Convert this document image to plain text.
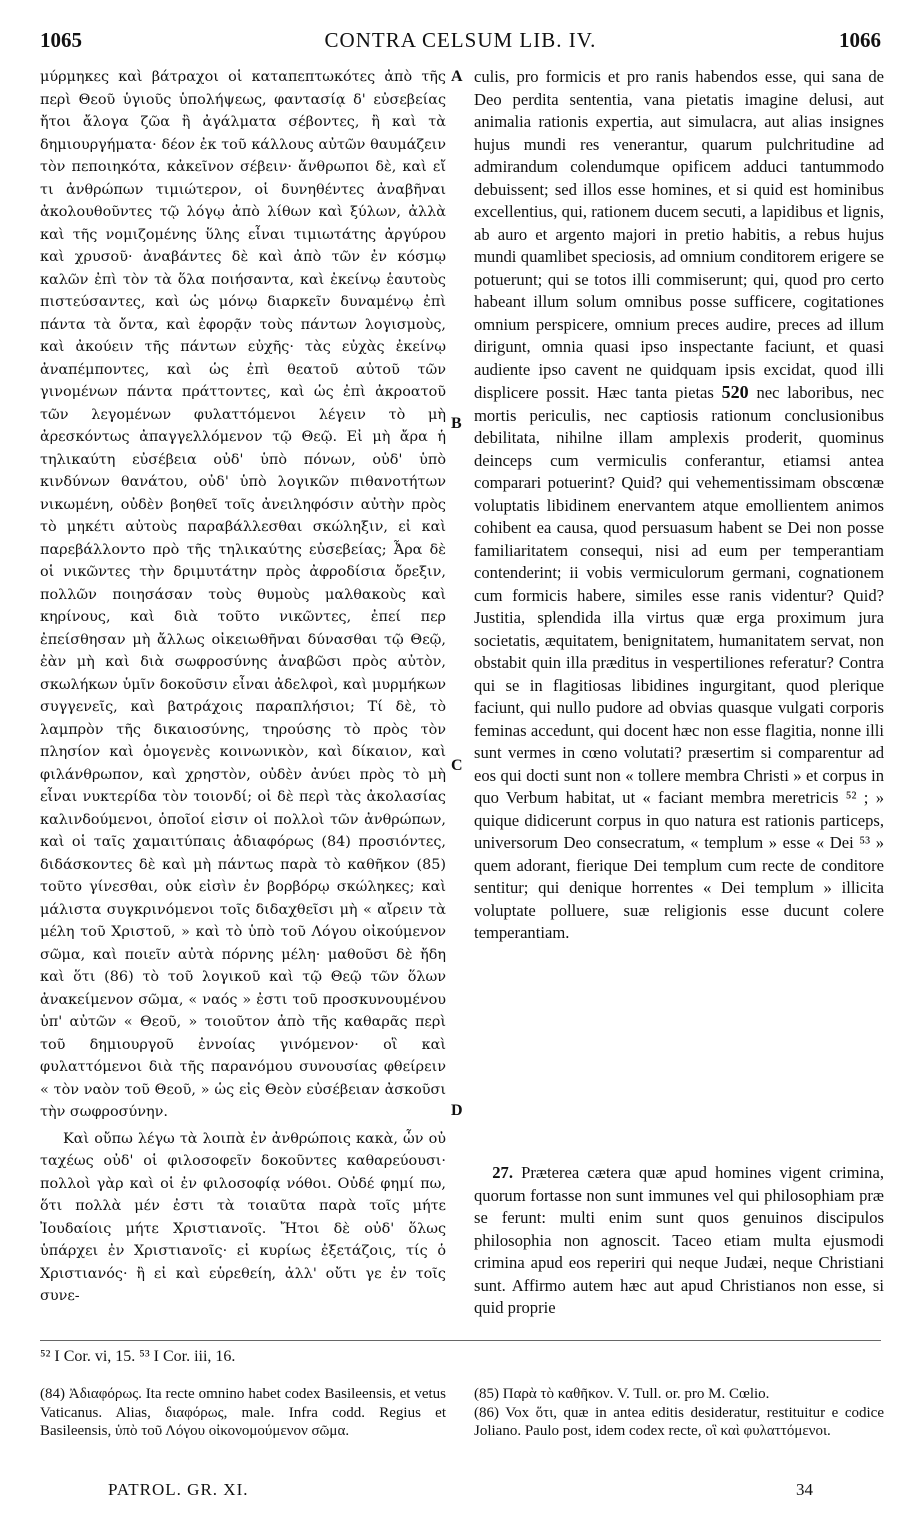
1065	CONTRA CELSUM LIB. IV.	1066

μύρμηκες καὶ βάτραχοι οἱ καταπεπτωκότες ἀπὸ τῆς περὶ Θεοῦ ὑγιοῦς ὑπολήψεως, φαντασίᾳ δ' εὐσεβείας ἤτοι ἄλογα ζῶα ἢ ἀγάλματα σέβοντες, ἢ καὶ τὰ δημιουργήματα· δέον ἐκ τοῦ κάλλους αὐτῶν θαυμάζειν τὸν πεποιηκότα, κἀκεῖνον σέβειν· ἄνθρωποι δὲ, καὶ εἴ τι ἀνθρώπων τιμιώτερον, οἱ δυνηθέντες ἀναβῆναι ἀκολουθοῦντες τῷ λόγῳ ἀπὸ λίθων καὶ ξύλων, ἀλλὰ καὶ τῆς νομιζομένης ὕλης εἶναι τιμιωτάτης ἀργύρου καὶ χρυσοῦ· ἀναβάντες δὲ καὶ ἀπὸ τῶν ἐν κόσμῳ καλῶν ἐπὶ τὸν τὰ ὅλα ποιήσαντα, καὶ ἐκείνῳ ἑαυτοὺς πιστεύσαντες, καὶ ὡς μόνῳ διαρκεῖν δυναμένῳ ἐπὶ πάντα τὰ ὄντα, καὶ ἐφορᾷν τοὺς πάντων λογισμοὺς, καὶ ἀκούειν τῆς πάντων εὐχῆς· τὰς εὐχὰς ἐκείνῳ ἀναπέμποντες, καὶ ὡς ἐπὶ θεατοῦ αὐτοῦ τῶν γινομένων πάντα πράττοντες, καὶ ὡς ἐπὶ ἀκροατοῦ τῶν λεγομένων φυλαττόμενοι λέγειν τὸ μὴ ἀρεσκόντως ἀπαγγελλόμενον τῷ Θεῷ. Εἰ μὴ ἄρα ἡ τηλικαύτη εὐσέβεια οὐδ' ὑπὸ πόνων, οὐδ' ὑπὸ κινδύνων θανάτου, οὐδ' ὑπὸ λογικῶν πιθανοτήτων νικωμένη, οὐδὲν βοηθεῖ τοῖς ἀνειληφόσιν αὐτὴν πρὸς τὸ μηκέτι αὐτοὺς παραβάλλεσθαι σκώληξιν, εἰ καὶ παρεβάλλοντο πρὸ τῆς τηλικαύτης εὐσεβείας; Ἆρα δὲ οἱ νικῶντες τὴν δριμυτάτην πρὸς ἀφροδίσια ὄρεξιν, πολλῶν ποιησάσαν τοὺς θυμοὺς μαλθακοὺς καὶ κηρίνους, καὶ διὰ τοῦτο νικῶντες, ἐπεί περ ἐπείσθησαν μὴ ἄλλως οἰκειωθῆναι δύνασθαι τῷ Θεῷ, ἐὰν μὴ καὶ διὰ σωφροσύνης ἀναβῶσι πρὸς αὐτὸν, σκωλήκων ὑμῖν δοκοῦσιν εἶναι ἀδελφοὶ, καὶ μυρμήκων συγγενεῖς, καὶ βατράχοις παραπλήσιοι; Τί δὲ, τὸ λαμπρὸν τῆς δικαιοσύνης, τηρούσης τὸ πρὸς τὸν πλησίον καὶ ὁμογενὲς κοινωνικὸν, καὶ δίκαιον, καὶ φιλάνθρωπον, καὶ χρηστὸν, οὐδὲν ἀνύει πρὸς τὸ μὴ εἶναι νυκτερίδα τὸν τοιονδί; οἱ δὲ περὶ τὰς ἀκολασίας καλινδούμενοι, ὁποῖοί εἰσιν οἱ πολλοὶ τῶν ἀνθρώπων, καὶ οἱ ταῖς χαμαιτύπαις ἀδιαφόρως (84) προσιόντες, διδάσκοντες δὲ καὶ μὴ πάντως παρὰ τὸ καθῆκον (85) τοῦτο γίνεσθαι, οὐκ εἰσὶν ἐν βορβόρῳ σκώληκες; καὶ μάλιστα συγκρινόμενοι τοῖς διδαχθεῖσι μὴ « αἴρειν τὰ μέλη τοῦ Χριστοῦ, » καὶ τὸ ὑπὸ τοῦ Λόγου οἰκούμενον σῶμα, καὶ ποιεῖν αὐτὰ πόρνης μέλη· μαθοῦσι δὲ ἤδη καὶ ὅτι (86) τὸ τοῦ λογικοῦ καὶ τῷ Θεῷ τῶν ὅλων ἀνακείμενον σῶμα, « ναός » ἐστι τοῦ προσκυνουμένου ὑπ' αὐτῶν « Θεοῦ, » τοιοῦτον ἀπὸ τῆς καθαρᾶς περὶ τοῦ δημιουργοῦ ἐννοίας γινόμενον· οἳ καὶ φυλαττόμενοι διὰ τῆς παρανόμου συνουσίας φθείρειν « τὸν ναὸν τοῦ Θεοῦ, » ὡς εἰς Θεὸν εὐσέβειαν ἀσκοῦσι τὴν σωφροσύνην.

Καὶ οὔπω λέγω τὰ λοιπὰ ἐν ἀνθρώποις κακὰ, ὧν οὐ ταχέως οὐδ' οἱ φιλοσοφεῖν δοκοῦντες καθαρεύουσι· πολλοὶ γὰρ καὶ οἱ ἐν φιλοσοφίᾳ νόθοι. Οὐδέ φημί πω, ὅτι πολλὰ μέν ἐστι τὰ τοιαῦτα παρὰ τοῖς μήτε Ἰουδαίοις μήτε Χριστιανοῖς. Ἤτοι δὲ οὐδ' ὅλως ὑπάρχει ἐν Χριστιανοῖς· εἰ κυρίως ἐξετάζοις, τίς ὁ Χριστιανός· ἢ εἰ καὶ εὑρεθείη, ἀλλ' οὔτι γε ἐν τοῖς συνε-

A
B
C
D
culis, pro formicis et pro ranis habendos esse, qui sana de Deo perdita sententia, vana pietatis imagine delusi, aut animalia rationis expertia, aut simulacra, aut alias insignes hujus mundi res venerantur, quarum pulchritudine ad admirandum colendumque opificem adduci tantummodo debuissent; sed illos esse homines, et si quid est hominibus excellentius, qui, rationem ducem secuti, a lapidibus et lignis, ab auro et argento majori in pretio habitis, a rebus hujus mundi quamlibet speciosis, ad omnium conditorem erigere se potuerunt; qui se totos illi commiserunt; qui, quod pro certo habeant illum solum omnibus posse sufficere, cogitationes omnium perspicere, omnium preces audire, preces ad illum dirigunt, omnia quasi ipso inspectante faciunt, et quasi audiente ipso cavent ne quidquam ipsis excidat, quod illi displicere possit. Hæc tanta pietas 520 nec laboribus, nec mortis periculis, nec captiosis rationum conclusionibus debilitata, nihilne illam amplexis proderit, quominus deinceps cum vermiculis conferantur, etiamsi antea comparari potuerint? Quid? qui vehementissimam obscœnæ voluptatis libidinem enervantem atque emollientem animos cohibent ea causa, quod persuasum habent se Dei non posse familiaritatem consequi, nisi ad eum per temperantiam contenderint; ii vobis vermiculorum germani, cognationem cum formicis habere, similes esse ranis videntur? Quid? Justitia, splendida illa virtus quæ erga proximum jura societatis, æquitatem, benignitatem, humanitatem servat, non obstabit quin illa præditus in vespertiliones referatur? Contra qui se in flagitiosas libidines ingurgitant, quod plerique faciunt, qui nullo pudore ad obvias quasque vulgati corporis feminas accedunt, qui docent hæc non esse flagitia, nonne illi sunt vermes in cœno volutati? præsertim si comparentur ad eos qui docti sunt non « tollere membra Christi » et corpus in quo Verbum habitat, ut « faciant membra meretricis ⁵² ; » quique didicerunt corpus in quo natura est rationis particeps, universorum Deo consecratum, « templum » esse « Dei ⁵³ » quem adorant, fierique Dei templum cum recte de conditore sentitur; qui denique horrentes « Dei templum » illicita voluptate polluere, suæ religionis esse ducunt colere temperantiam.
27. Præterea cætera quæ apud homines vigent crimina, quorum fortasse non sunt immunes vel qui philosophiam præ se ferunt: multi enim sunt quos genuinos discipulos philosophia non agnoscit. Taceo etiam multa ejusmodi crimina apud eos reperiri qui neque Judæi, neque Christiani sunt. Affirmo autem hæc aut apud Christianos non esse, si quid proprie
⁵² I Cor. vi, 15. ⁵³ I Cor. iii, 16.

(84) Ἀδιαφόρως. Ita recte omnino habet codex Basileensis, et vetus Vaticanus. Alias, διαφόρως, male. Infra codd. Regius et Basileensis, ὑπὸ τοῦ Λόγου οἰκονομούμενον σῶμα.

(85) Παρὰ τὸ καθῆκον. V. Tull. or. pro M. Cœlio.

(86) Vox ὅτι, quæ in antea editis desideratur, restituitur e codice Joliano. Paulo post, idem codex recte, οἳ καὶ φυλαττόμενοι.

PATROL. GR. XI.	34
